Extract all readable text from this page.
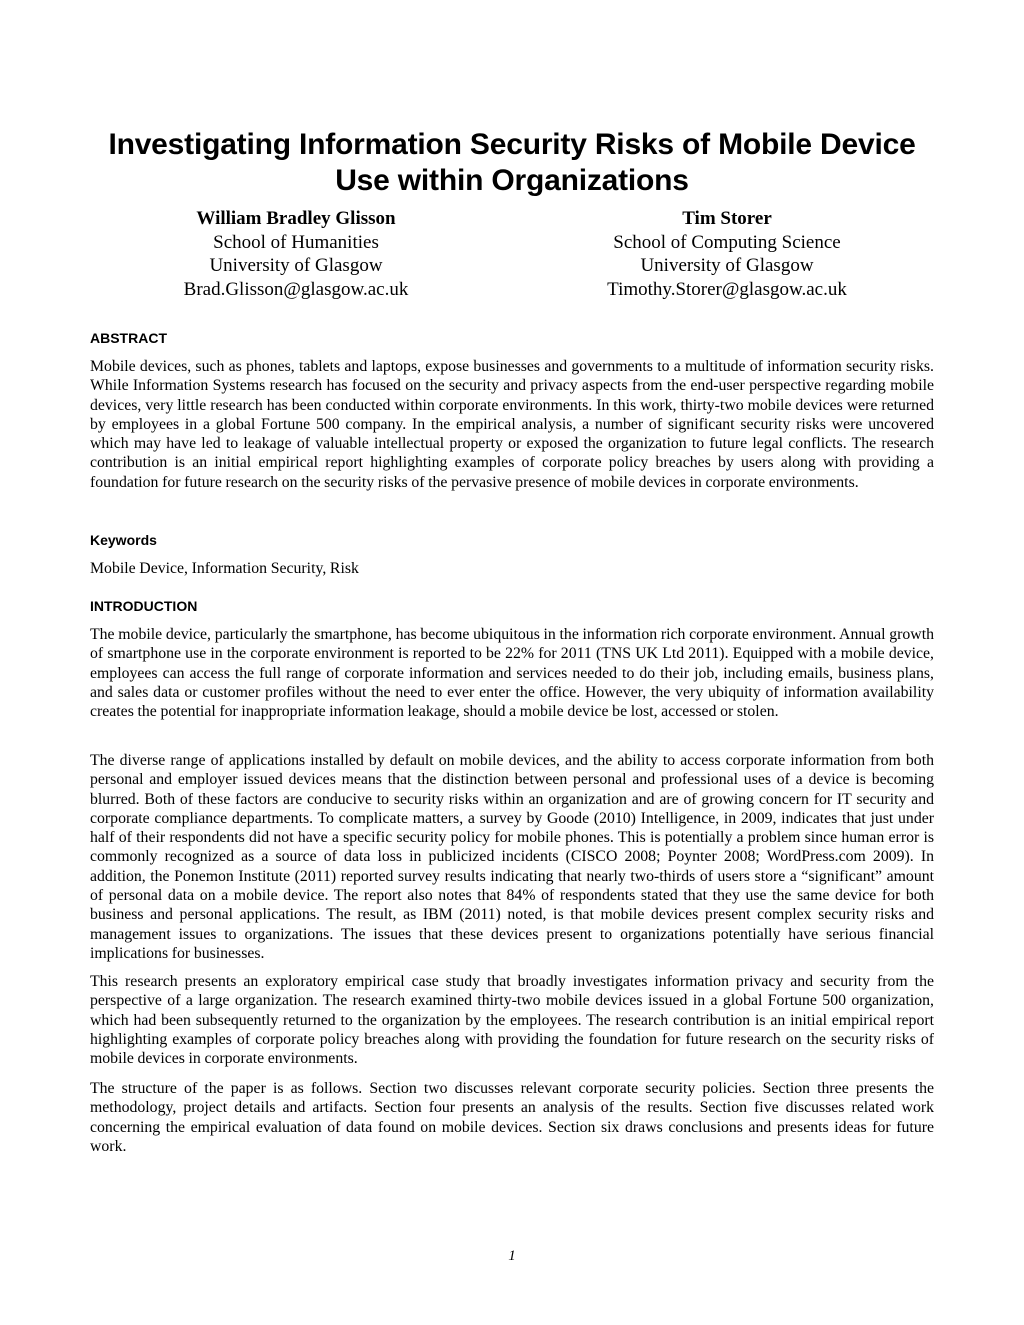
Investigating Information Security Risks of Mobile Device Use within Organizations
William Bradley Glisson
School of Humanities
University of Glasgow
Brad.Glisson@glasgow.ac.uk
Tim Storer
School of Computing Science
University of Glasgow
Timothy.Storer@glasgow.ac.uk
ABSTRACT

Mobile devices, such as phones, tablets and laptops, expose businesses and governments to a multitude of information security risks. While Information Systems research has focused on the security and privacy aspects from the end-user perspective regarding mobile devices, very little research has been conducted within corporate environments. In this work, thirty-two mobile devices were returned by employees in a global Fortune 500 company. In the empirical analysis, a number of significant security risks were uncovered which may have led to leakage of valuable intellectual property or exposed the organization to future legal conflicts. The research contribution is an initial empirical report highlighting examples of corporate policy breaches by users along with providing a foundation for future research on the security risks of the pervasive presence of mobile devices in corporate environments.

Keywords

Mobile Device, Information Security, Risk

INTRODUCTION

The mobile device, particularly the smartphone, has become ubiquitous in the information rich corporate environment. Annual growth of smartphone use in the corporate environment is reported to be 22% for 2011 (TNS UK Ltd 2011). Equipped with a mobile device, employees can access the full range of corporate information and services needed to do their job, including emails, business plans, and sales data or customer profiles without the need to ever enter the office. However, the very ubiquity of information availability creates the potential for inappropriate information leakage, should a mobile device be lost, accessed or stolen.

The diverse range of applications installed by default on mobile devices, and the ability to access corporate information from both personal and employer issued devices means that the distinction between personal and professional uses of a device is becoming blurred. Both of these factors are conducive to security risks within an organization and are of growing concern for IT security and corporate compliance departments. To complicate matters, a survey by Goode (2010) Intelligence, in 2009, indicates that just under half of their respondents did not have a specific security policy for mobile phones. This is potentially a problem since human error is commonly recognized as a source of data loss in publicized incidents (CISCO 2008; Poynter 2008; WordPress.com 2009). In addition, the Ponemon Institute (2011) reported survey results indicating that nearly two-thirds of users store a “significant” amount of personal data on a mobile device. The report also notes that 84% of respondents stated that they use the same device for both business and personal applications. The result, as IBM (2011) noted, is that mobile devices present complex security risks and management issues to organizations. The issues that these devices present to organizations potentially have serious financial implications for businesses.

This research presents an exploratory empirical case study that broadly investigates information privacy and security from the perspective of a large organization. The research examined thirty-two mobile devices issued in a global Fortune 500 organization, which had been subsequently returned to the organization by the employees. The research contribution is an initial empirical report highlighting examples of corporate policy breaches along with providing the foundation for future research on the security risks of mobile devices in corporate environments.

The structure of the paper is as follows. Section two discusses relevant corporate security policies. Section three presents the methodology, project details and artifacts. Section four presents an analysis of the results. Section five discusses related work concerning the empirical evaluation of data found on mobile devices. Section six draws conclusions and presents ideas for future work.

1
